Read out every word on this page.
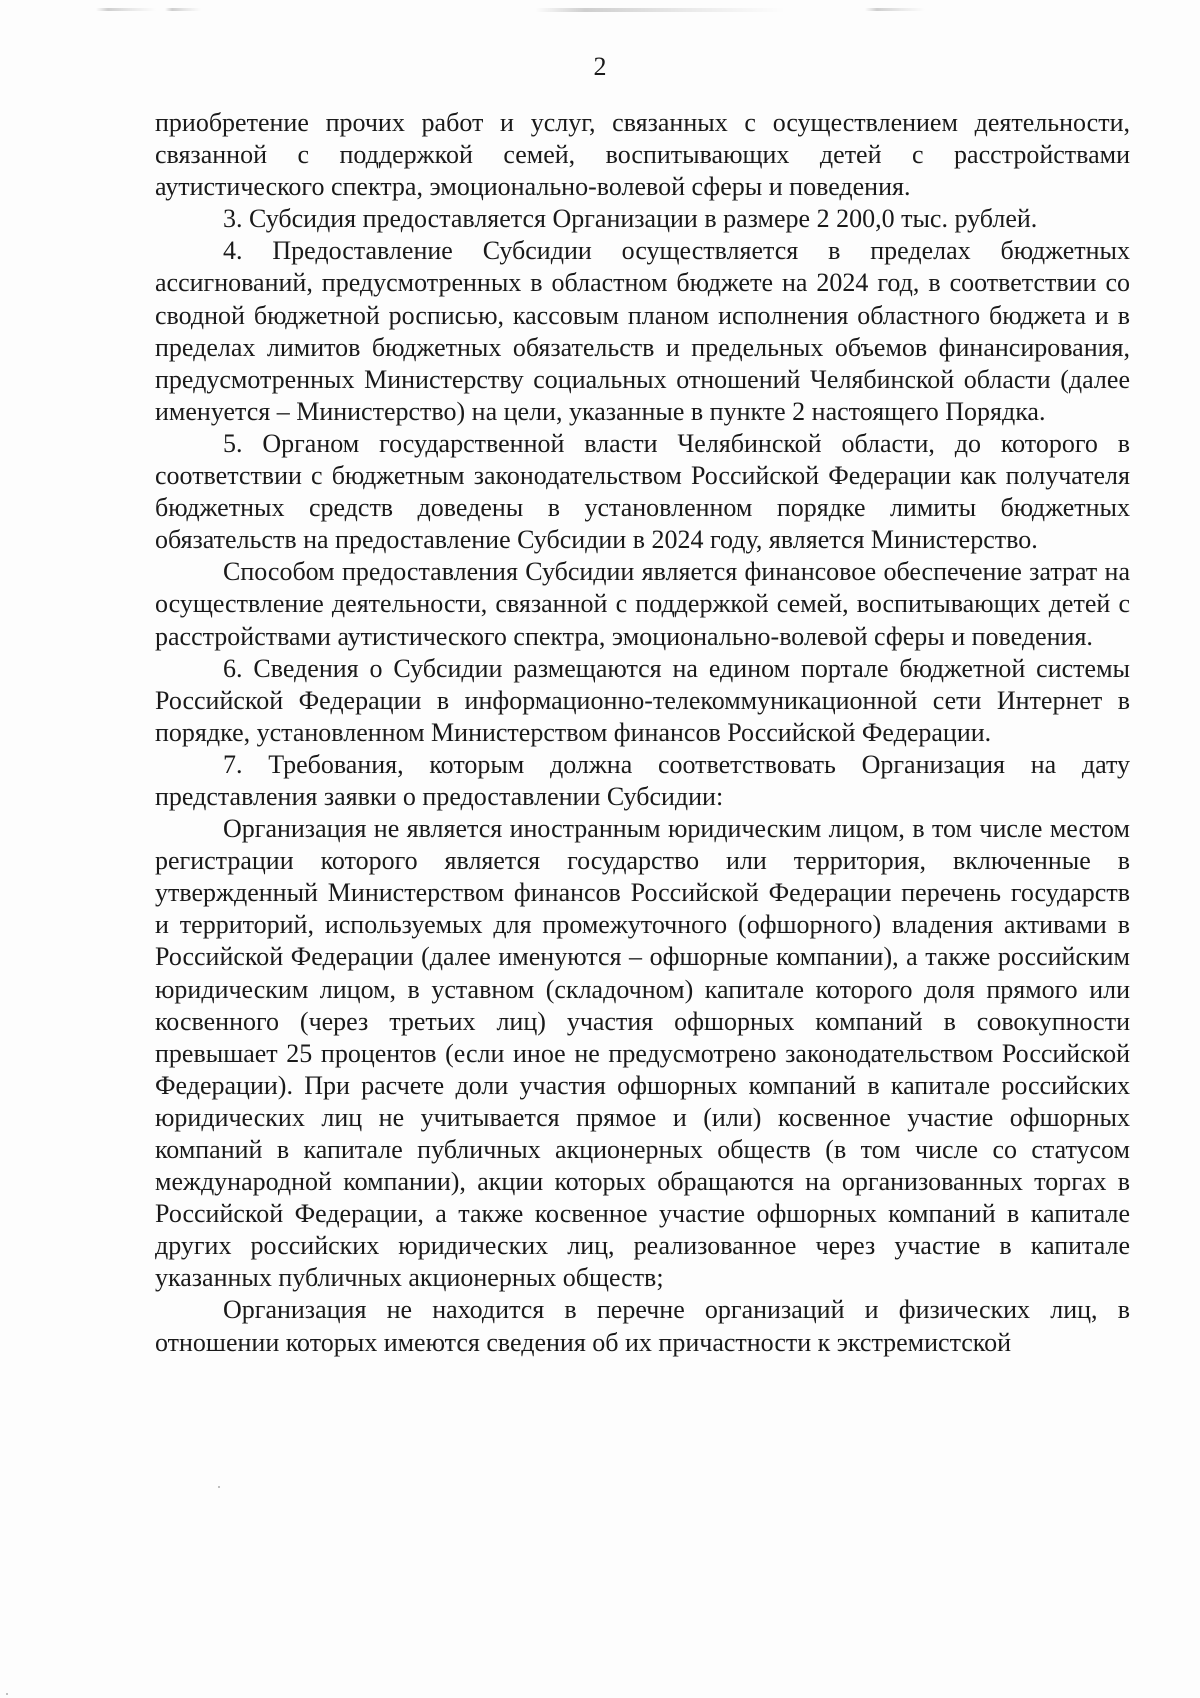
2

приобретение прочих работ и услуг, связанных с осуществлением деятельности, связанной с поддержкой семей, воспитывающих детей с расстройствами аутистического спектра, эмоционально-волевой сферы и поведения.

3. Субсидия предоставляется Организации в размере 2 200,0 тыс. рублей.

4. Предоставление Субсидии осуществляется в пределах бюджетных ассигнований, предусмотренных в областном бюджете на 2024 год, в соответствии со сводной бюджетной росписью, кассовым планом исполнения областного бюджета и в пределах лимитов бюджетных обязательств и предельных объемов финансирования, предусмотренных Министерству социальных отношений Челябинской области (далее именуется – Министерство) на цели, указанные в пункте 2 настоящего Порядка.

5. Органом государственной власти Челябинской области, до которого в соответствии с бюджетным законодательством Российской Федерации как получателя бюджетных средств доведены в установленном порядке лимиты бюджетных обязательств на предоставление Субсидии в 2024 году, является Министерство.

Способом предоставления Субсидии является финансовое обеспечение затрат на осуществление деятельности, связанной с поддержкой семей, воспитывающих детей с расстройствами аутистического спектра, эмоционально-волевой сферы и поведения.

6. Сведения о Субсидии размещаются на едином портале бюджетной системы Российской Федерации в информационно-телекоммуникационной сети Интернет в порядке, установленном Министерством финансов Российской Федерации.

7. Требования, которым должна соответствовать Организация на дату представления заявки о предоставлении Субсидии:

Организация не является иностранным юридическим лицом, в том числе местом регистрации которого является государство или территория, включенные в утвержденный Министерством финансов Российской Федерации перечень государств и территорий, используемых для промежуточного (офшорного) владения активами в Российской Федерации (далее именуются – офшорные компании), а также российским юридическим лицом, в уставном (складочном) капитале которого доля прямого или косвенного (через третьих лиц) участия офшорных компаний в совокупности превышает 25 процентов (если иное не предусмотрено законодательством Российской Федерации). При расчете доли участия офшорных компаний в капитале российских юридических лиц не учитывается прямое и (или) косвенное участие офшорных компаний в капитале публичных акционерных обществ (в том числе со статусом международной компании), акции которых обращаются на организованных торгах в Российской Федерации, а также косвенное участие офшорных компаний в капитале других российских юридических лиц, реализованное через участие в капитале указанных публичных акционерных обществ;

Организация не находится в перечне организаций и физических лиц, в отношении которых имеются сведения об их причастности к экстремистской
